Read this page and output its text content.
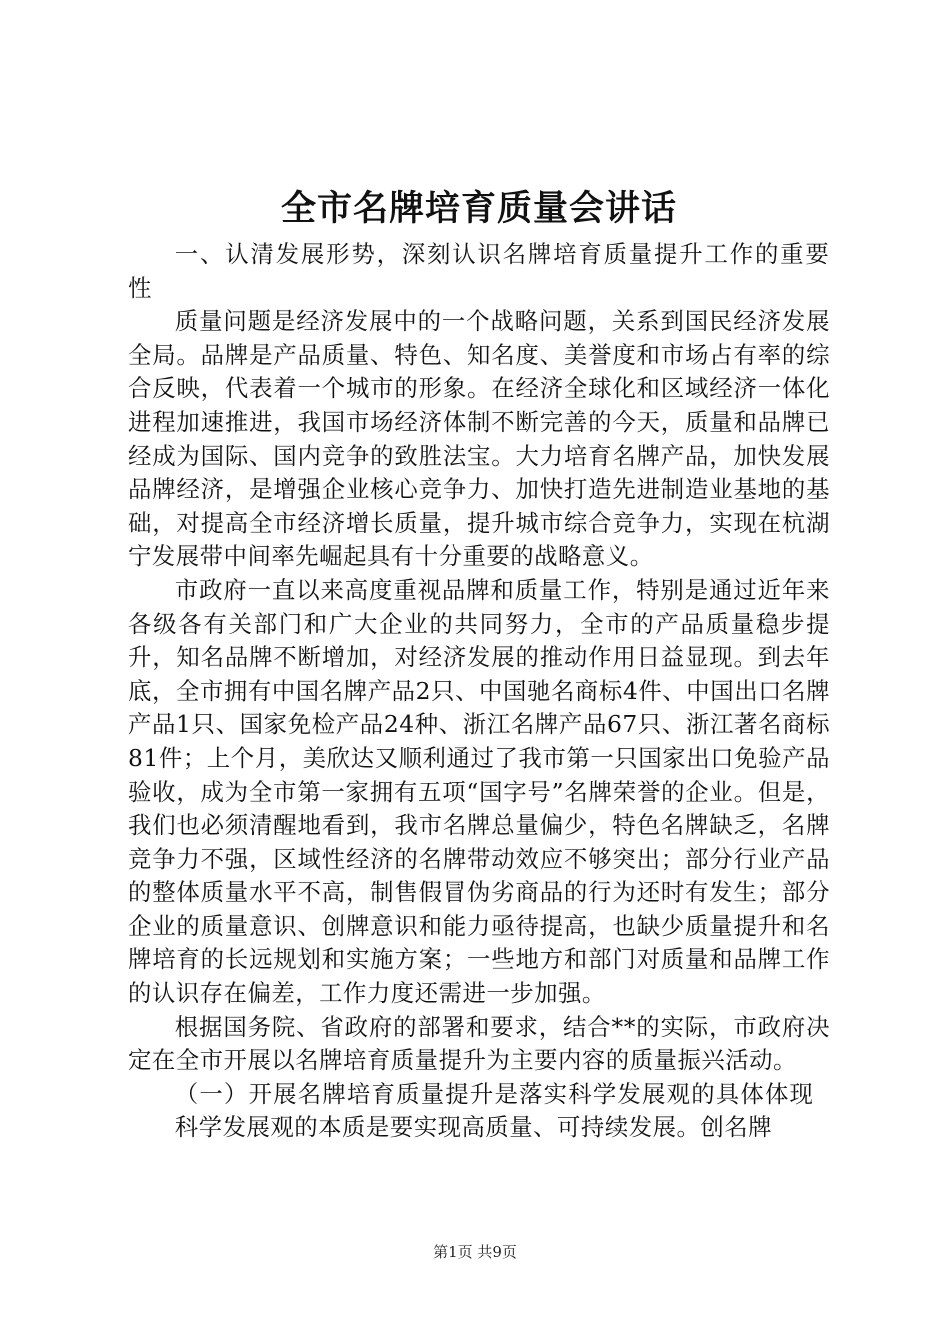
全市名牌培育质量会讲话

一、认清发展形势，深刻认识名牌培育质量提升工作的重要性

质量问题是经济发展中的一个战略问题，关系到国民经济发展全局。品牌是产品质量、特色、知名度、美誉度和市场占有率的综合反映，代表着一个城市的形象。在经济全球化和区域经济一体化进程加速推进，我国市场经济体制不断完善的今天，质量和品牌已经成为国际、国内竞争的致胜法宝。大力培育名牌产品，加快发展品牌经济，是增强企业核心竞争力、加快打造先进制造业基地的基础，对提高全市经济增长质量，提升城市综合竞争力，实现在杭湖宁发展带中间率先崛起具有十分重要的战略意义。

市政府一直以来高度重视品牌和质量工作，特别是通过近年来各级各有关部门和广大企业的共同努力，全市的产品质量稳步提升，知名品牌不断增加，对经济发展的推动作用日益显现。到去年底，全市拥有中国名牌产品2只、中国驰名商标4件、中国出口名牌产品1只、国家免检产品24种、浙江名牌产品67只、浙江著名商标81件；上个月，美欣达又顺利通过了我市第一只国家出口免验产品验收，成为全市第一家拥有五项“国字号”名牌荣誉的企业。但是，我们也必须清醒地看到，我市名牌总量偏少，特色名牌缺乏，名牌竞争力不强，区域性经济的名牌带动效应不够突出；部分行业产品的整体质量水平不高，制售假冒伪劣商品的行为还时有发生；部分企业的质量意识、创牌意识和能力亟待提高，也缺少质量提升和名牌培育的长远规划和实施方案；一些地方和部门对质量和品牌工作的认识存在偏差，工作力度还需进一步加强。

根据国务院、省政府的部署和要求，结合**的实际，市政府决定在全市开展以名牌培育质量提升为主要内容的质量振兴活动。

（一）开展名牌培育质量提升是落实科学发展观的具体体现

科学发展观的本质是要实现高质量、可持续发展。创名牌

第1页 共9页
